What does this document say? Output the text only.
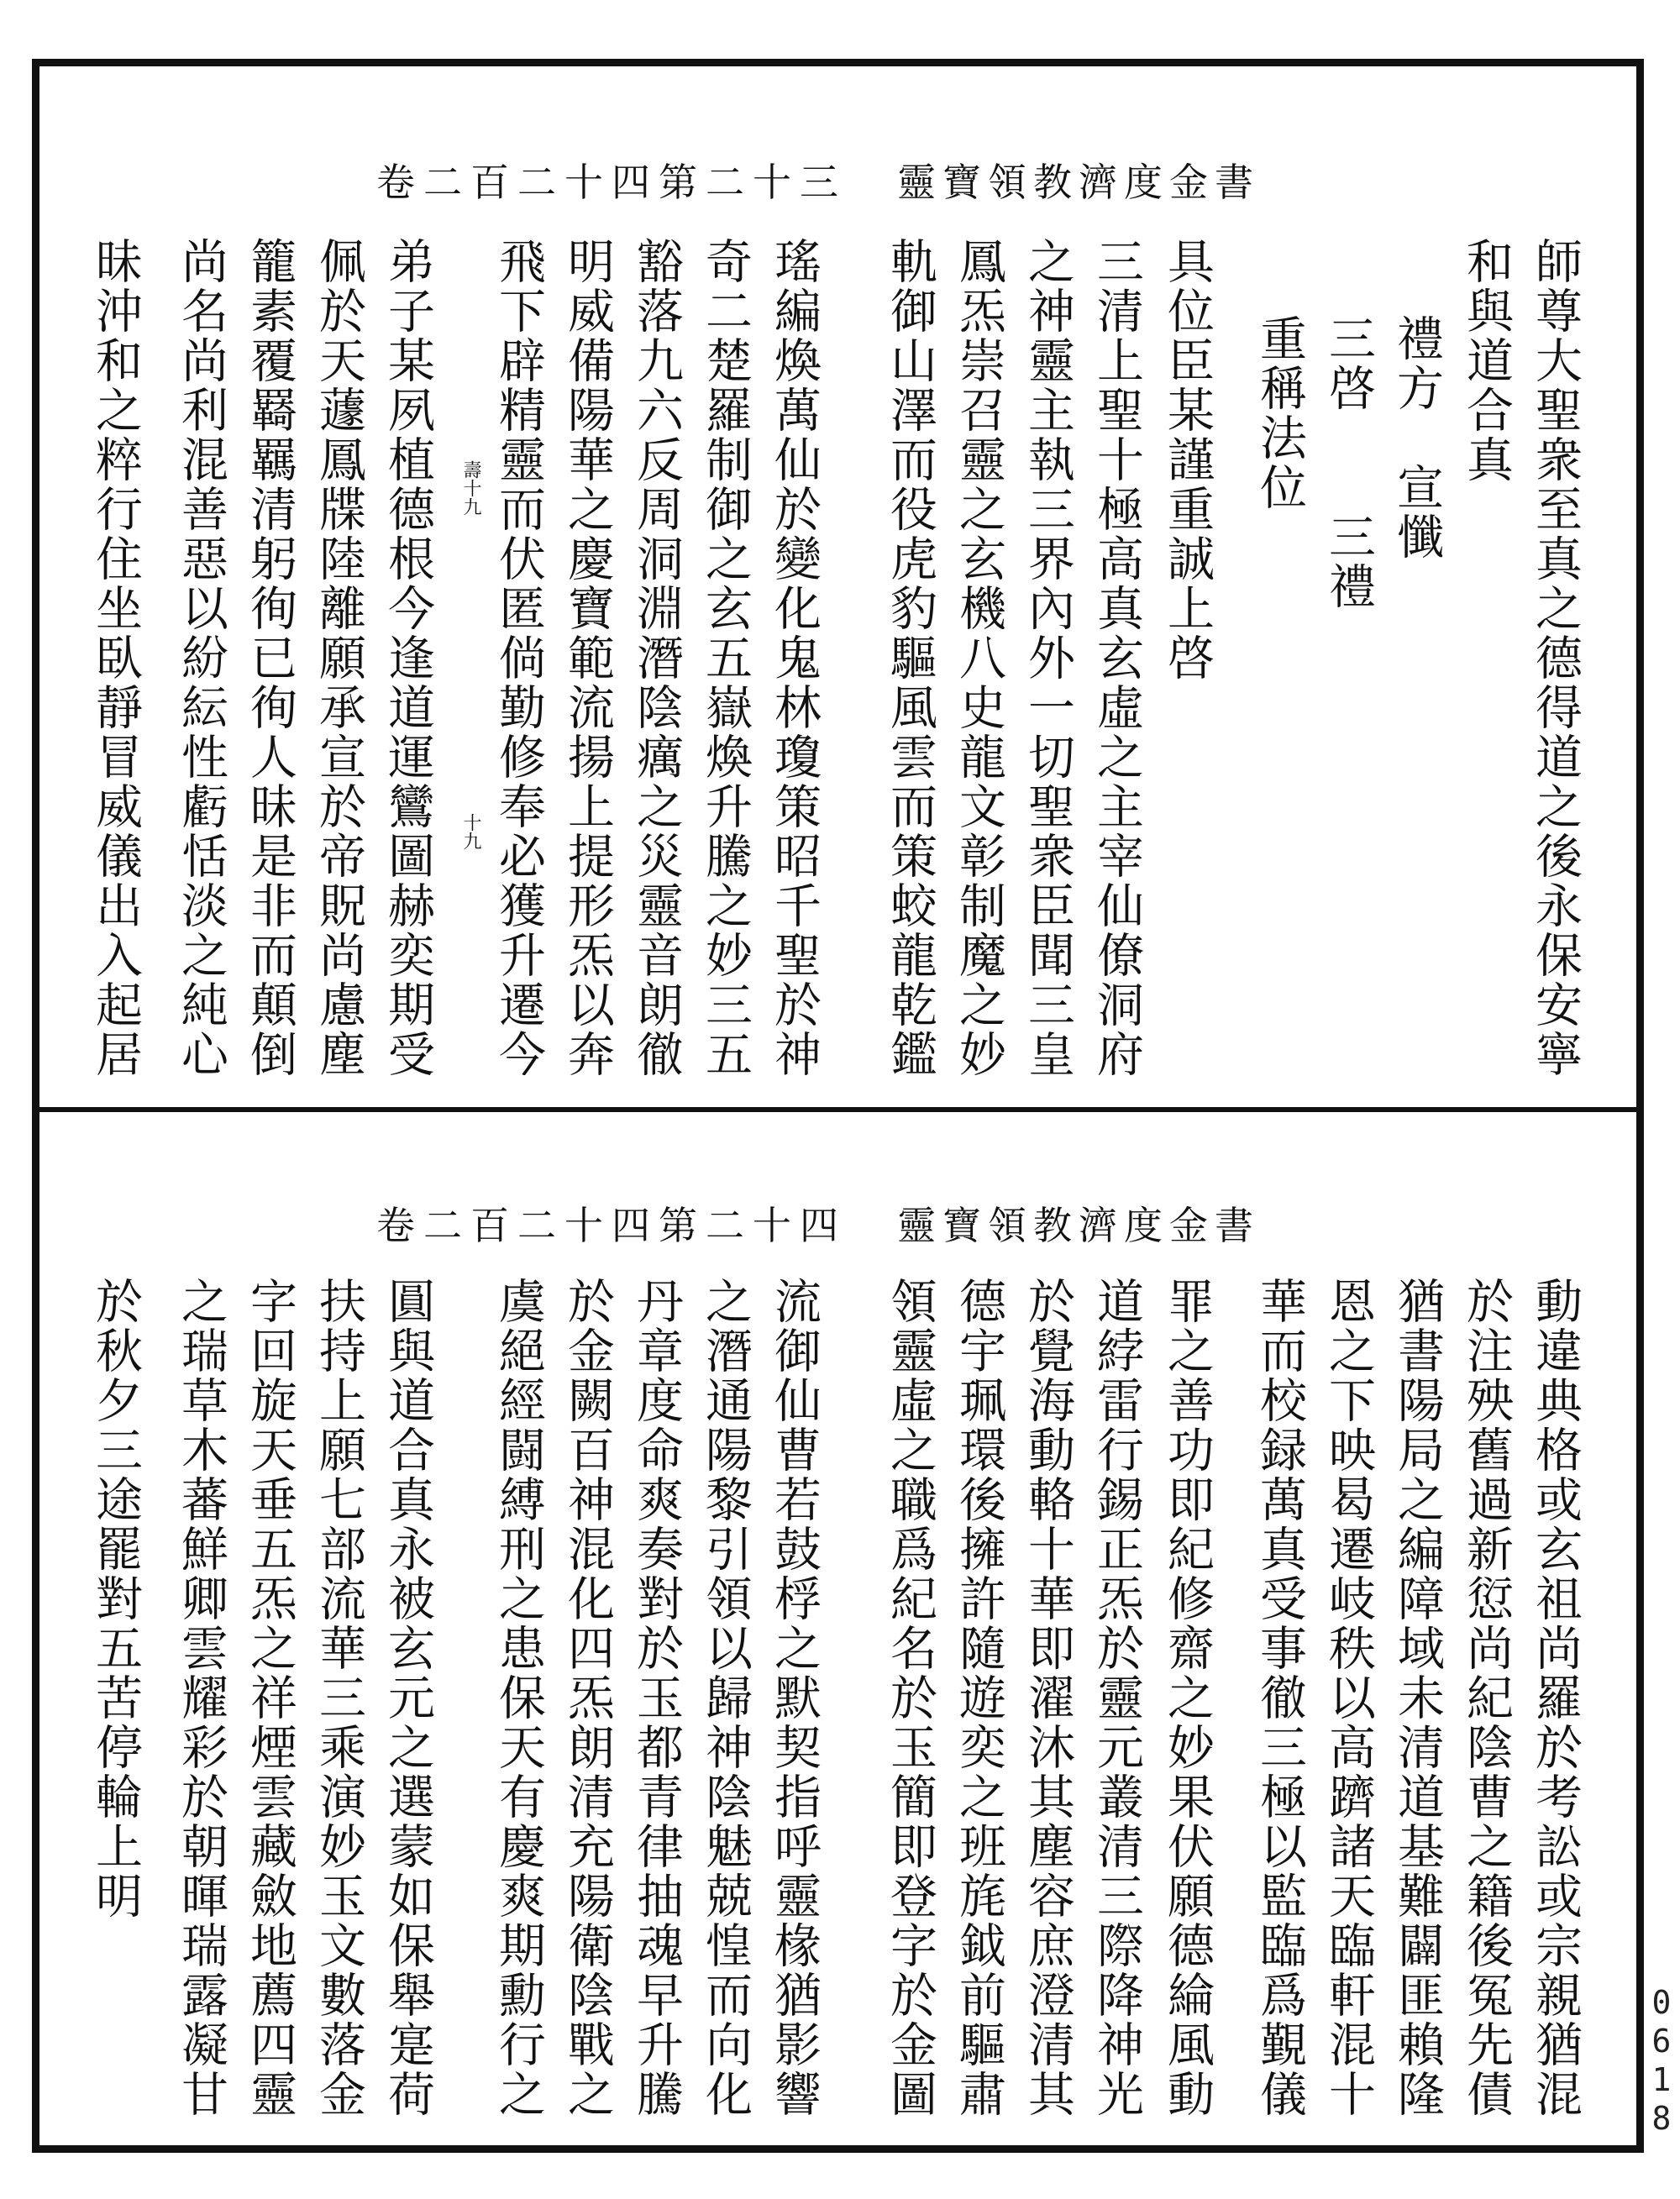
卷二百二十四第二十三 靈寶領教濟度金書
師尊大聖衆至真之德得道之後永保安寧
和與道合真
禮方　宣懺
三啓　　三禮
重稱法位
具位臣某謹重誠上啓
三清上聖十極高真玄虛之主宰仙僚洞府
之神靈主執三界內外一切聖衆臣聞三皇
鳳炁崇召靈之玄機八史龍文彰制魔之妙
軌御山澤而役虎豹驅風雲而策蛟龍乾鑑
瑤編煥萬仙於變化鬼林瓊策昭千聖於神
奇二楚羅制御之玄五嶽煥升騰之妙三五
豁落九六反周洞淵潛陰癘之災靈音朗徹
明威備陽華之慶寶範流揚上提形炁以奔
飛下辟精靈而伏匿倘勤修奉必獲升遷今
弟子某夙植德根今逢道運鸞圖赫奕期受
佩於天蘧鳳牒陸離願承宣於帝貺尚慮塵
籠素覆羇羈清躬徇已徇人昧是非而顛倒
尚名尚利混善惡以紛紜性虧恬淡之純心
昧沖和之粹行住坐臥靜冒威儀出入起居	壽十九
十九
卷二百二十四第二十四 靈寶領教濟度金書
動違典格或玄祖尚羅於考訟或宗親猶混
於注殃舊過新愆尚紀陰曹之籍後冤先債
猶書陽局之編障域未清道基難闢匪賴隆
恩之下映曷遷岐秩以高躋諸天臨軒混十
華而校録萬真受事徹三極以監臨爲覲儀
罪之善功即紀修齋之妙果伏願德綸風動
道綍雷行錫正炁於靈元叢清三際降神光
於覺海動輅十華即濯沐其塵容庶澄清其
德宇珮環後擁許隨遊奕之班旄鉞前驅肅
領靈虛之職爲紀名於玉簡即登字於金圖
流御仙曹若鼓桴之默契指呼靈椽猶影響
之潛通陽黎引領以歸神陰魅兢惶而向化
丹章度命爽奏對於玉都青律抽魂早升騰
於金闕百神混化四炁朗清充陽衛陰戰之
虞絕經闘縛刑之患保天有慶爽期勳行之
圓與道合真永被玄元之選蒙如保舉寔荷
扶持上願七部流華三乘演妙玉文數落金
字回旋天垂五炁之祥煙雲藏斂地薦四靈
之瑞草木蕃鮮卿雲耀彩於朝暉瑞露凝甘
於秋夕三途罷對五苦停輪上明
0618
